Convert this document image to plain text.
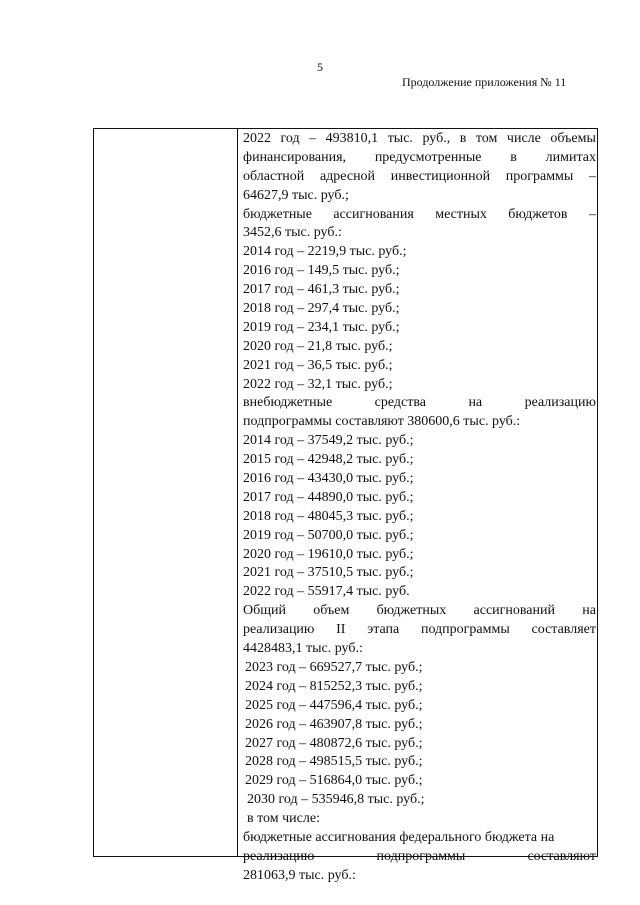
5
Продолжение приложения № 11
2022 год – 493810,1 тыс. руб., в том числе объемы
финансирования, предусмотренные в лимитах
областной адресной инвестиционной программы –
64627,9 тыс. руб.;
бюджетные ассигнования местных бюджетов –
3452,6 тыс. руб.:
2014 год – 2219,9 тыс. руб.;
2016 год – 149,5 тыс. руб.;
2017 год – 461,3 тыс. руб.;
2018 год – 297,4 тыс. руб.;
2019 год – 234,1 тыс. руб.;
2020 год – 21,8 тыс. руб.;
2021 год – 36,5 тыс. руб.;
2022 год – 32,1 тыс. руб.;
внебюджетные	средства	на	реализацию
подпрограммы составляют 380600,6 тыс. руб.:
2014 год – 37549,2 тыс. руб.;
2015 год – 42948,2 тыс. руб.;
2016 год – 43430,0 тыс. руб.;
2017 год – 44890,0 тыс. руб.;
2018 год – 48045,3 тыс. руб.;
2019 год – 50700,0 тыс. руб.;
2020 год – 19610,0 тыс. руб.;
2021 год – 37510,5 тыс. руб.;
2022 год – 55917,4 тыс. руб.
Общий объем бюджетных ассигнований на
реализацию II этапа подпрограммы составляет
4428483,1 тыс. руб.:
2023 год – 669527,7 тыс. руб.;
2024 год – 815252,3 тыс. руб.;
2025 год – 447596,4 тыс. руб.;
2026 год – 463907,8 тыс. руб.;
2027 год – 480872,6 тыс. руб.;
2028 год – 498515,5 тыс. руб.;
2029 год – 516864,0 тыс. руб.;
2030 год – 535946,8 тыс. руб.;
в том числе:
бюджетные ассигнования федерального бюджета на
реализацию	подпрограммы	составляют
281063,9 тыс. руб.:
